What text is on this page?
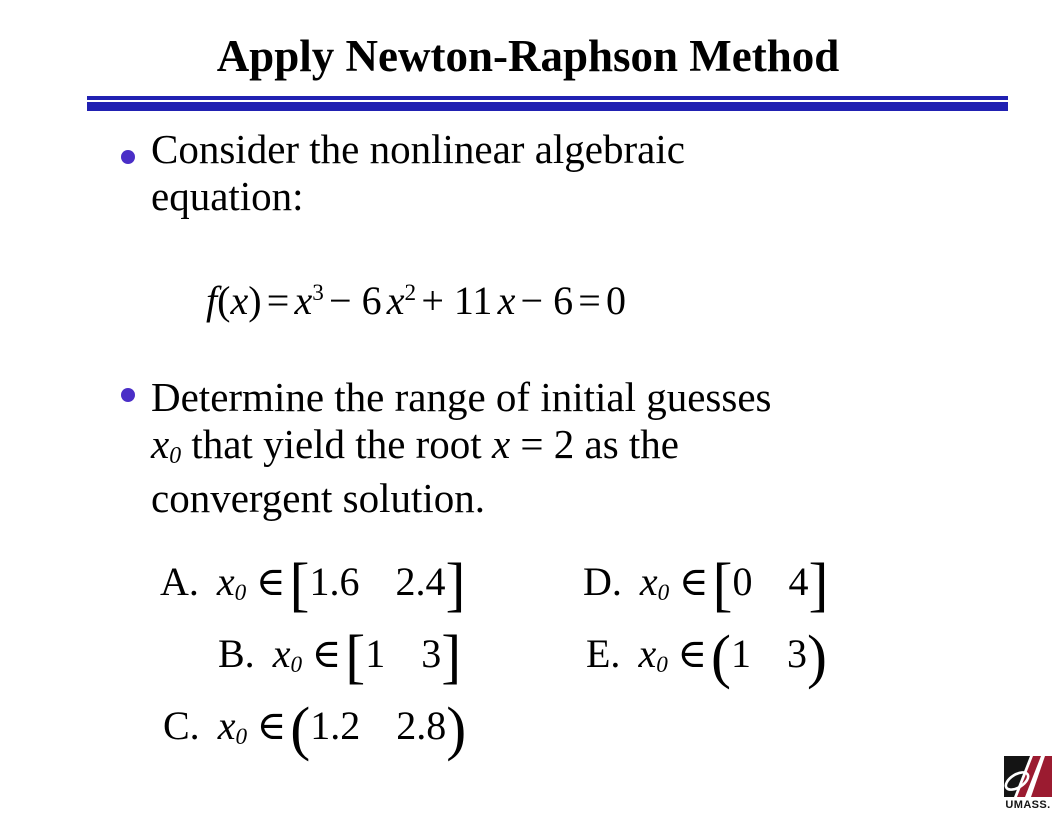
Apply Newton-Raphson Method
Consider the nonlinear algebraic
equation:
$f(x) = x^3 - 6$ $x^2 + 11$ x − 6 = 0
Determine the range of initial guesses
x0 that yield the root x = 2 as the
convergent solution.
A. x0 ∈[1.6 2.4]	D. x0 ∈[0 4]
B. x0 ∈[1 3]	E. x0 ∈(1 3)
C. x0 ∈(1.2 2.8)
UMASS.
